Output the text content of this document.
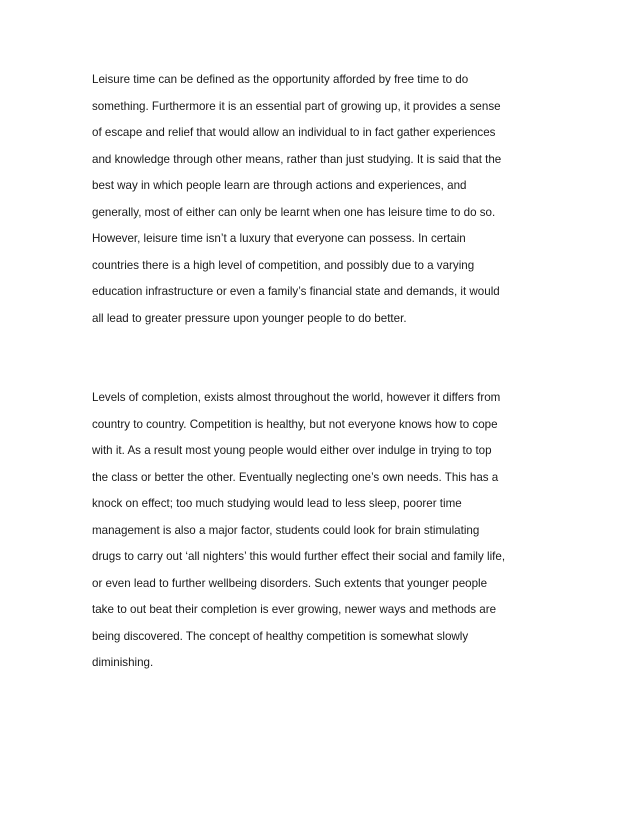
Leisure time can be defined as the opportunity afforded by free time to do
something. Furthermore it is an essential part of growing up, it provides a sense
of escape and relief that would allow an individual to in fact gather experiences
and knowledge through other means, rather than just studying. It is said that the
best way in which people learn are through actions and experiences, and
generally, most of either can only be learnt when one has leisure time to do so.
However, leisure time isn’t a luxury that everyone can possess. In certain
countries there is a high level of competition, and possibly due to a varying
education infrastructure or even a family’s financial state and demands, it would
all lead to greater pressure upon younger people to do better.
Levels of completion, exists almost throughout the world, however it differs from
country to country. Competition is healthy, but not everyone knows how to cope
with it. As a result most young people would either over indulge in trying to top
the class or better the other. Eventually neglecting one’s own needs. This has a
knock on effect; too much studying would lead to less sleep, poorer time
management is also a major factor, students could look for brain stimulating
drugs to carry out ‘all nighters’ this would further effect their social and family life,
or even lead to further wellbeing disorders. Such extents that younger people
take to out beat their completion is ever growing, newer ways and methods are
being discovered. The concept of healthy competition is somewhat slowly
diminishing.
